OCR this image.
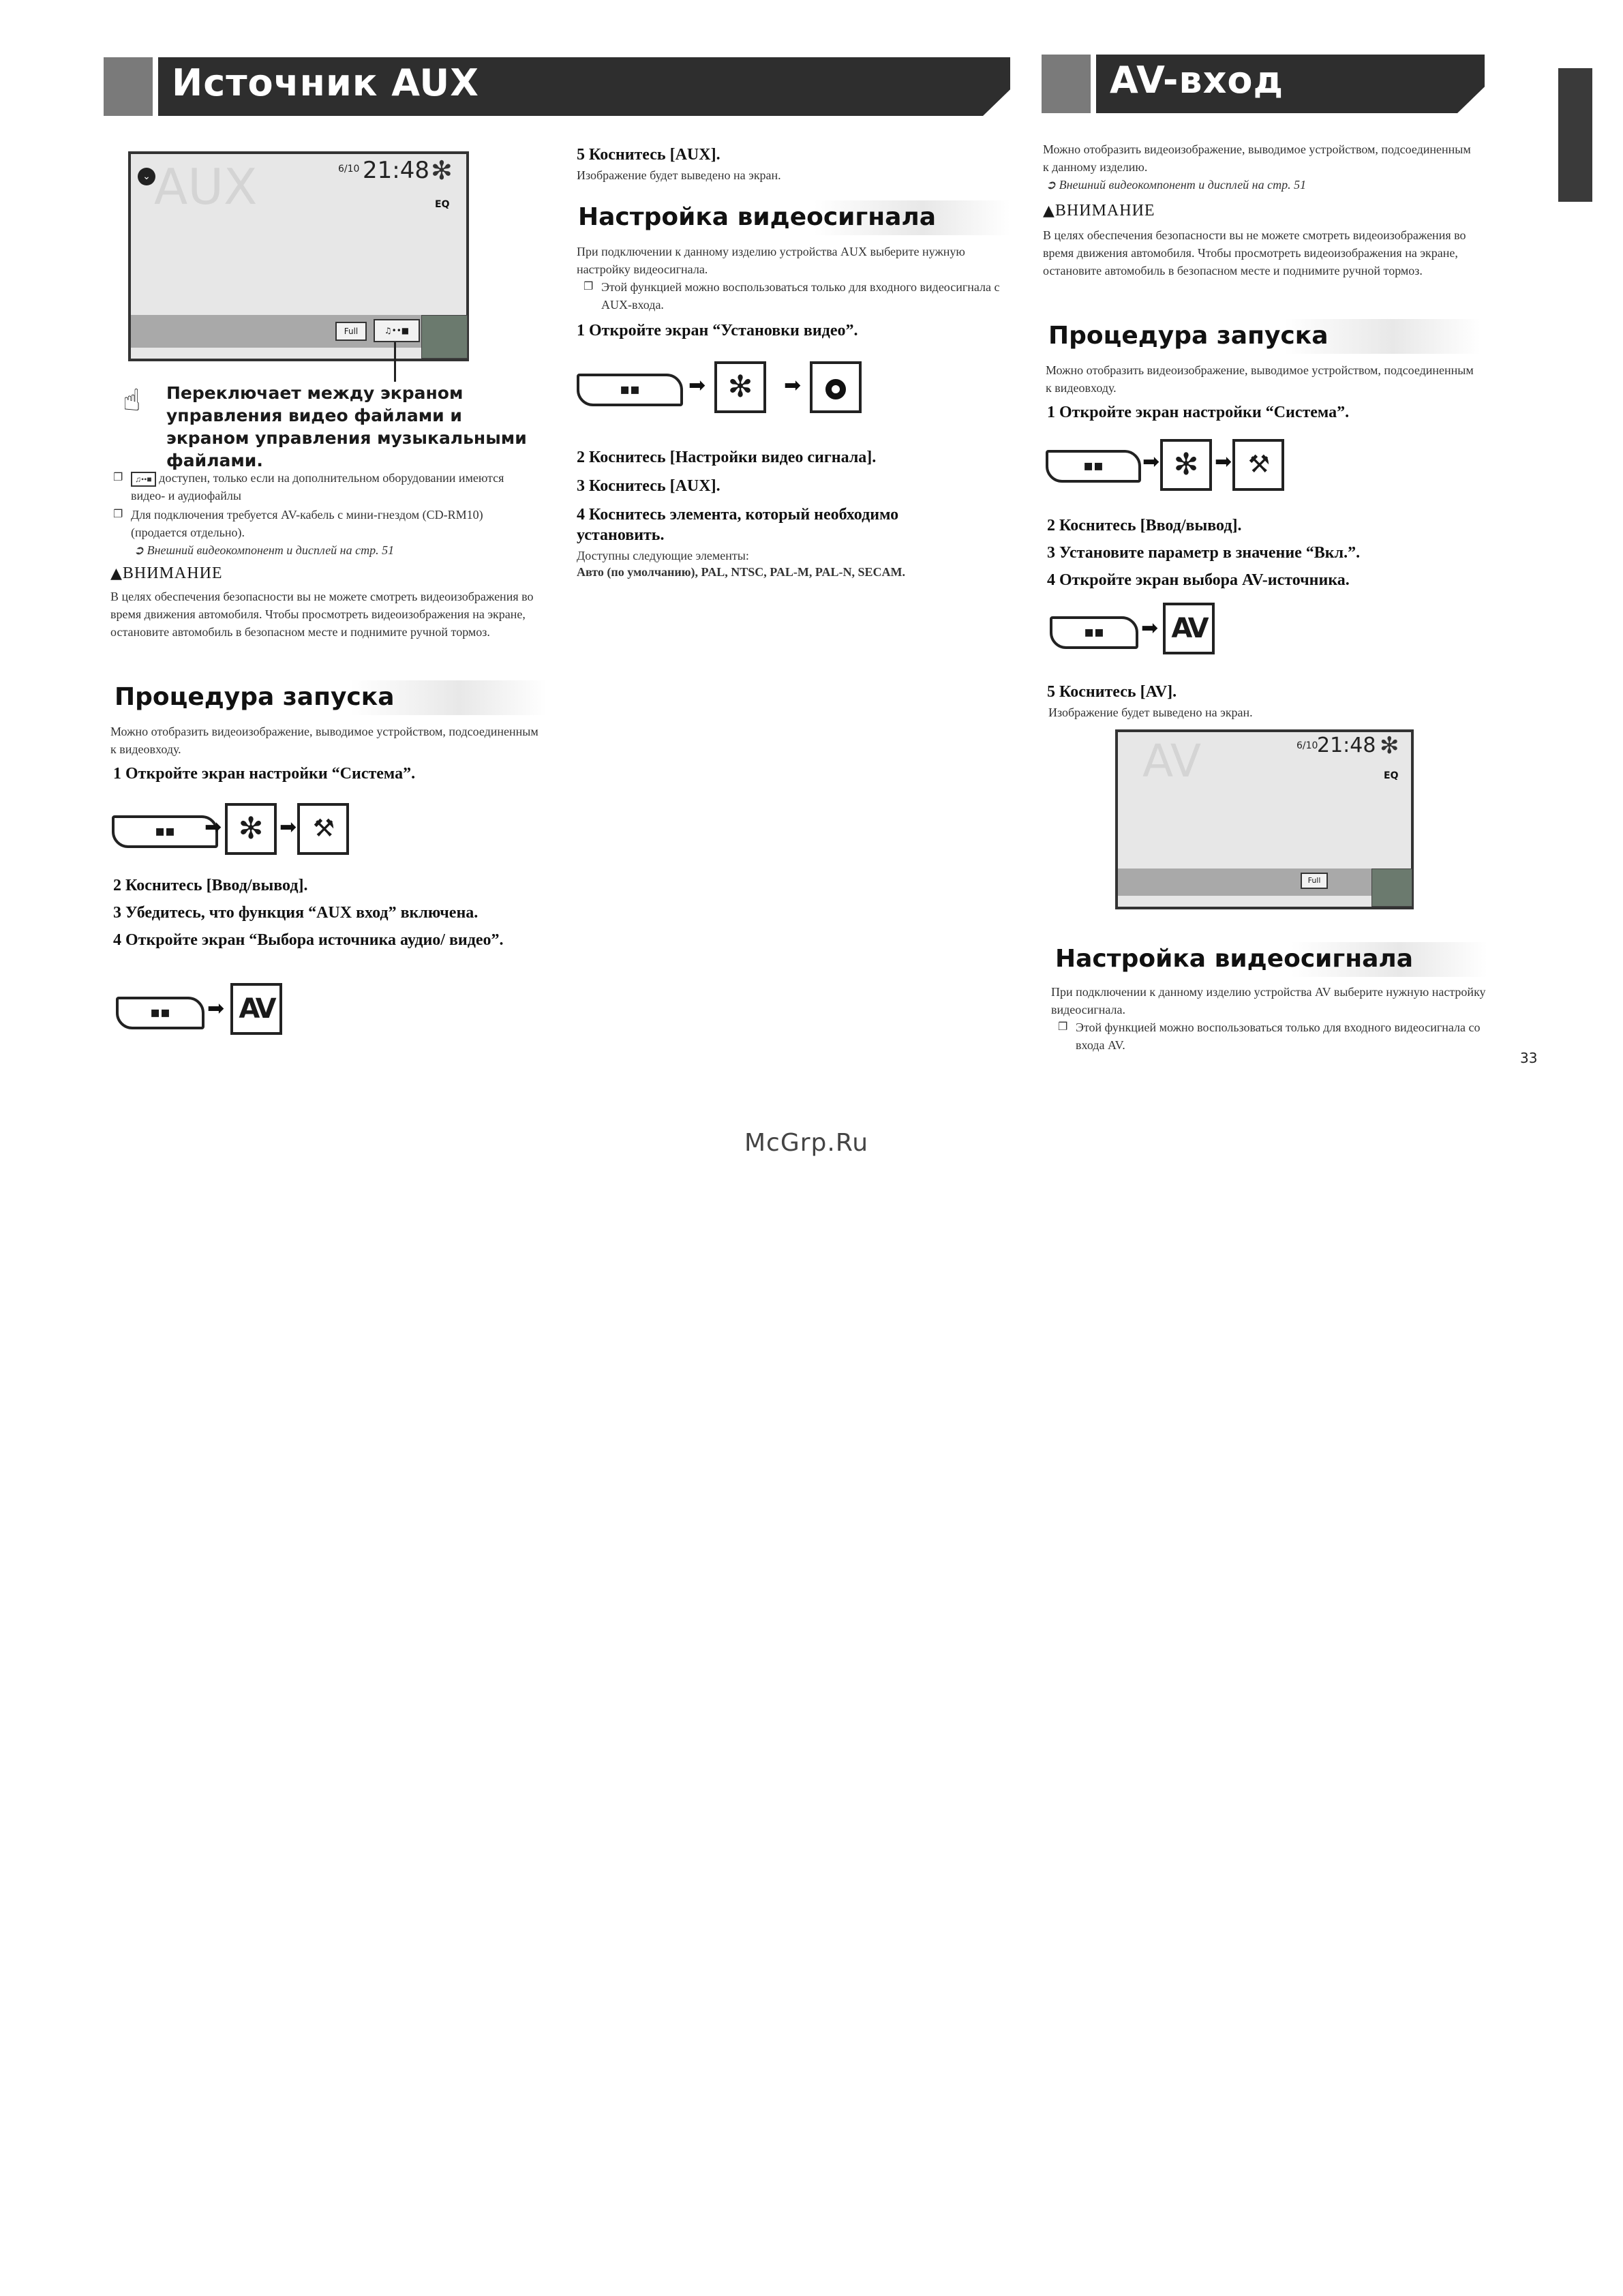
Источник AUX
⌄ AUX	6/10 21:48 ✻
EQ
Full	♫••■
☝ Переключает между экраном управления видео файлами и экраном управления музыкальными файлами.
❐ ♫••■ доступен, только если на дополнительном оборудовании имеются видео- и аудиофайлы
❐ Для подключения требуется AV-кабель с мини-гнездом (CD-RM10) (продается отдельно).
➲ Внешний видеокомпонент и дисплей на стр. 51
▲ВНИМАНИЕ
В целях обеспечения безопасности вы не можете смотреть видеоизображения во время движения автомобиля. Чтобы просмотреть видеоизображения на экране, остановите автомобиль в безопасном месте и поднимите ручной тормоз.
Процедура запуска
Можно отобразить видеоизображение, выводимое устройством, подсоединенным к видеовходу.
1 Откройте экран настройки “Система”.
▪▪	➡ ✻ ➡ ⚒
2 Коснитесь [Ввод/вывод].
3 Убедитесь, что функция “AUX вход” включена.
4 Откройте экран “Выбора источника аудио/ видео”.
▪▪	➡ AV
5 Коснитесь [AUX].
Изображение будет выведено на экран.
Настройка видеосигнала
При подключении к данному изделию устройства AUX выберите нужную настройку видеосигнала.
❐ Этой функцией можно воспользоваться только для входного видеосигнала с AUX-входа.
1 Откройте экран “Установки видео”.
▪▪	➡ ✻	➡
2 Коснитесь [Настройки видео сигнала].
3 Коснитесь [AUX].
4 Коснитесь элемента, который необходимо установить.
Доступны следующие элементы:
Авто (по умолчанию), PAL, NTSC, PAL-M, PAL-N, SECAM.
AV-вход
Можно отобразить видеоизображение, выводимое устройством, подсоединенным к данному изделию.
➲ Внешний видеокомпонент и дисплей на стр. 51
▲ВНИМАНИЕ
В целях обеспечения безопасности вы не можете смотреть видеоизображения во время движения автомобиля. Чтобы просмотреть видеоизображения на экране, остановите автомобиль в безопасном месте и поднимите ручной тормоз.
Процедура запуска
Можно отобразить видеоизображение, выводимое устройством, подсоединенным к видеовходу.
1 Откройте экран настройки “Система”.
▪▪	➡ ✻ ➡ ⚒
2 Коснитесь [Ввод/вывод].
3 Установите параметр в значение “Вкл.”.
4 Откройте экран выбора AV-источника.
▪▪	➡ AV
5 Коснитесь [AV].
Изображение будет выведено на экран.
AV	6/10
21:48 ✻
EQ
Full
Настройка видеосигнала
При подключении к данному изделию устройства AV выберите нужную настройку видеосигнала.
❐ Этой функцией можно воспользоваться только для входного видеосигнала со входа AV.
33
McGrp.Ru
